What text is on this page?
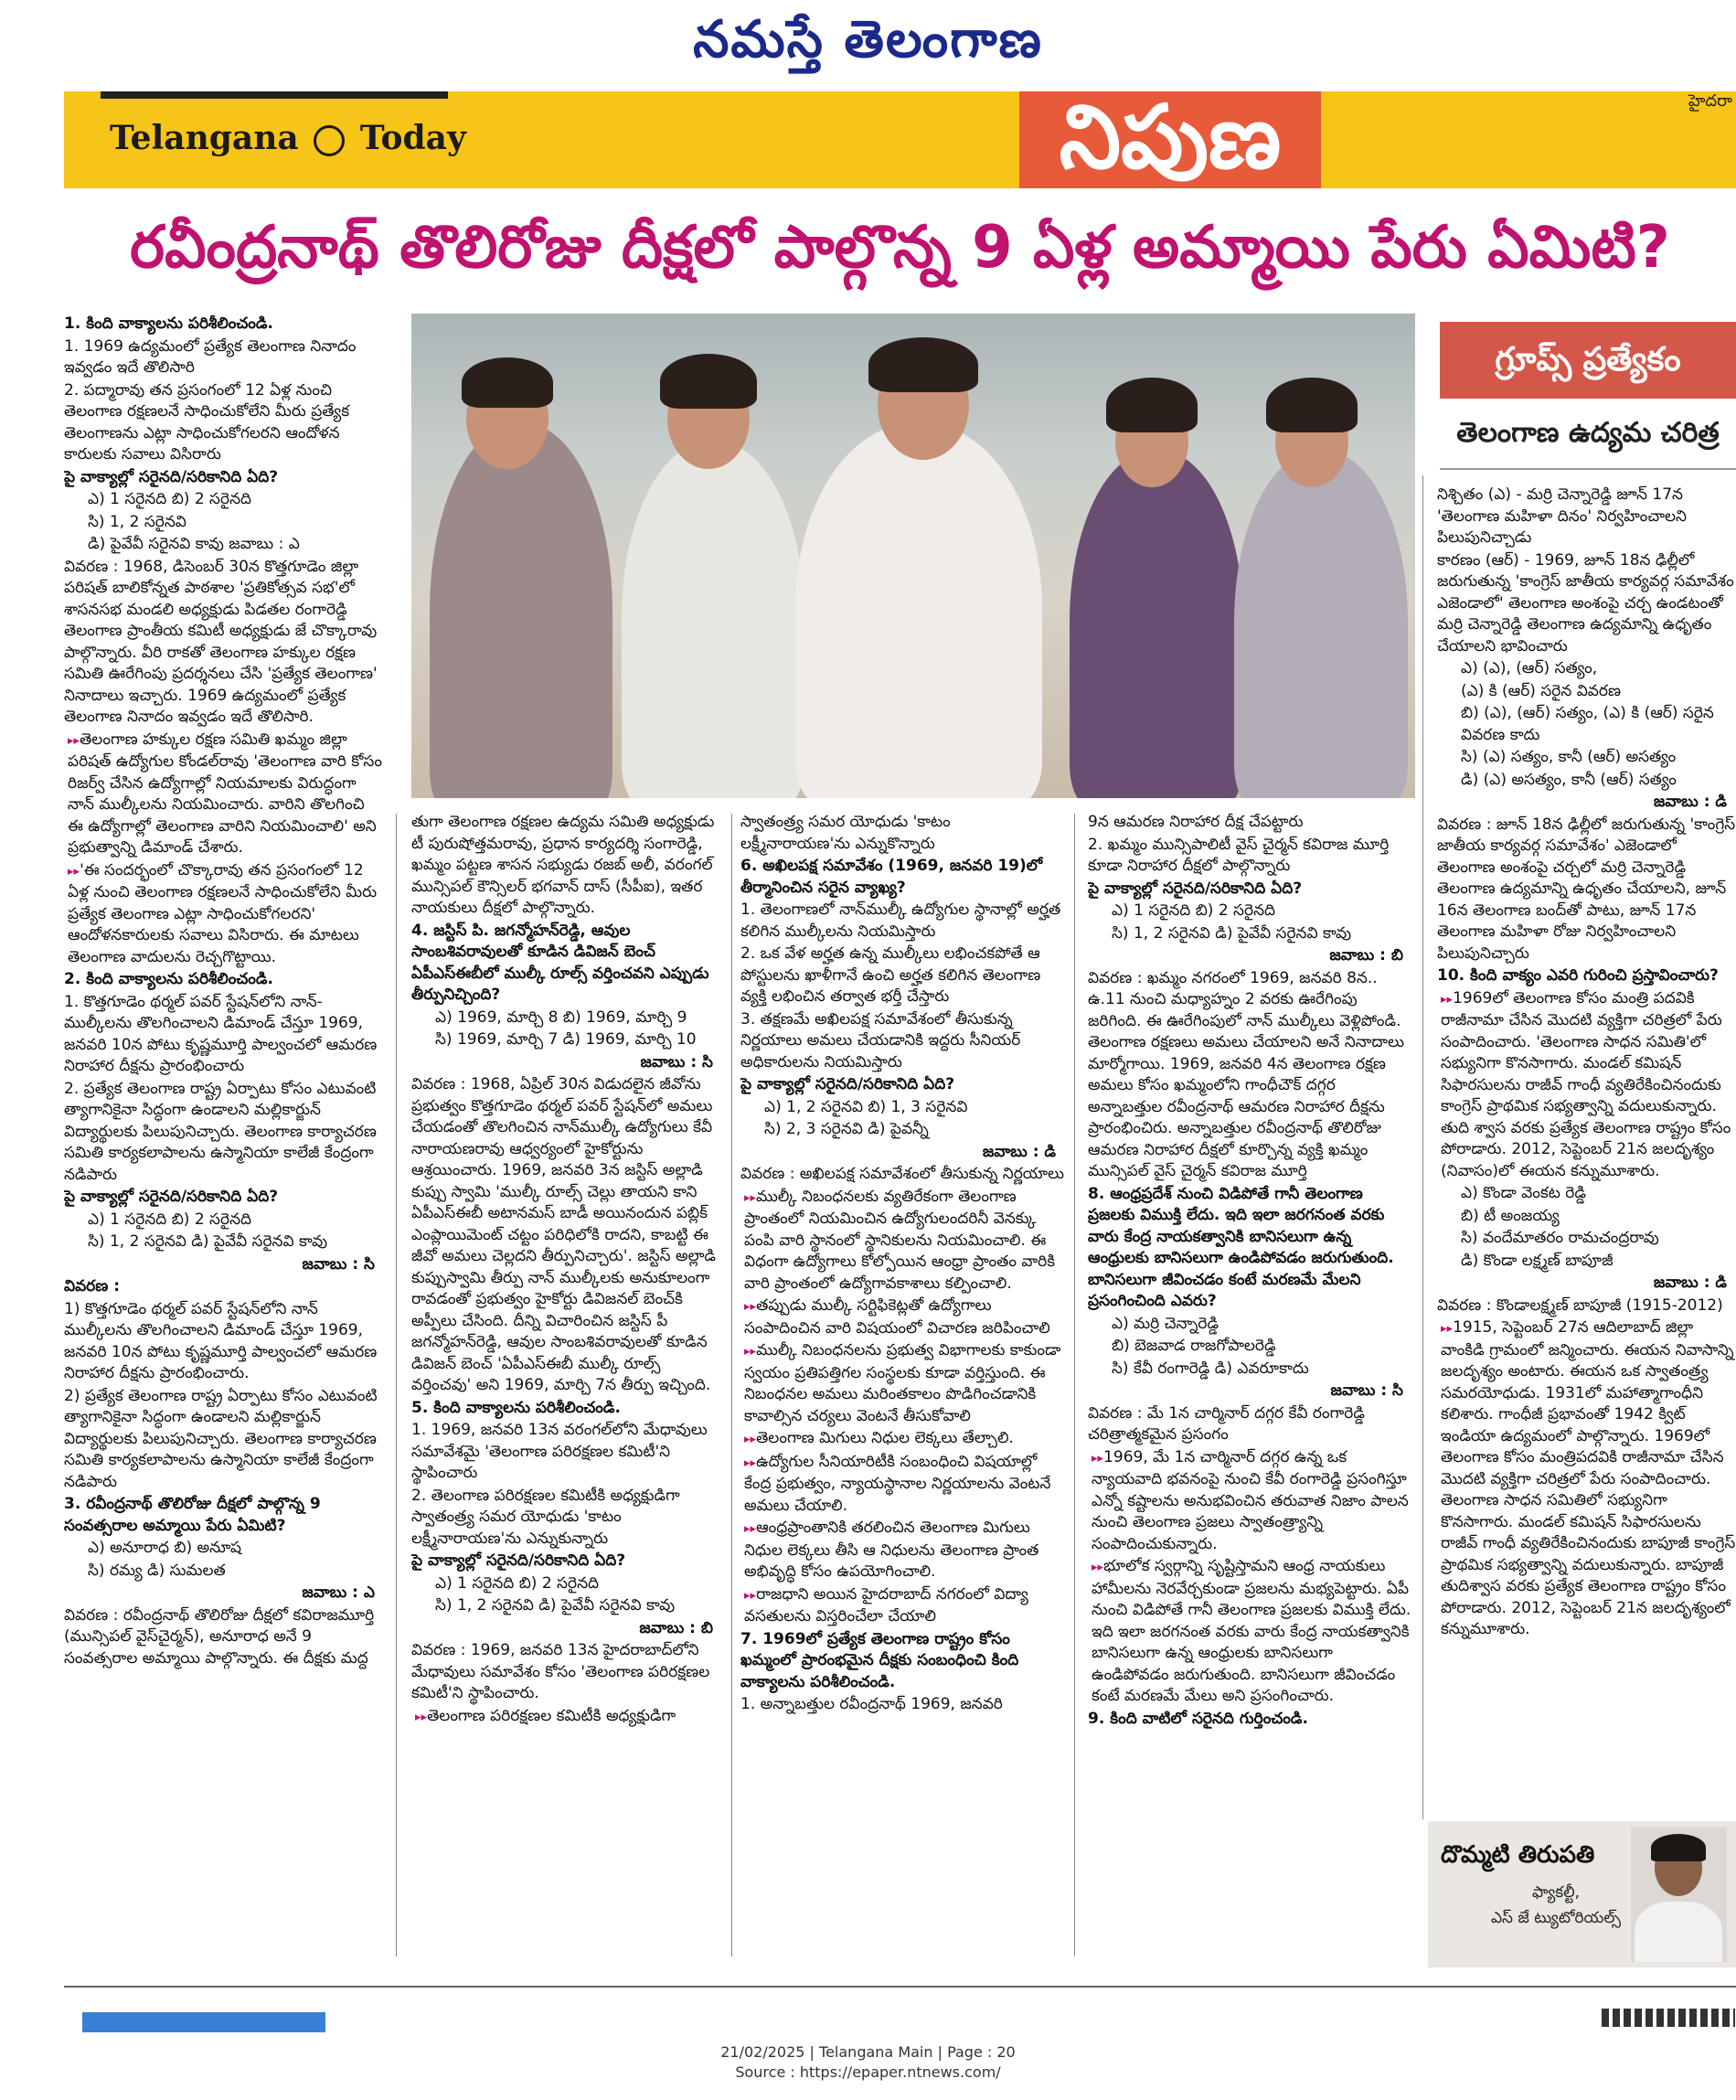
నమస్తే తెలంగాణ
Telangana Today	నిపుణ	హైదరా
రవీంద్రనాథ్ తొలిరోజు దీక్షలో పాల్గొన్న 9 ఏళ్ల అమ్మాయి పేరు ఏమిటి?

1. కింది వాక్యాలను పరిశీలించండి.

1. 1969 ఉద్యమంలో ప్రత్యేక తెలంగాణ నినాదం ఇవ్వడం ఇదే తొలిసారి

2. పద్మారావు తన ప్రసంగంలో 12 ఏళ్ల నుంచి తెలంగాణ రక్షణలనే సాధించుకోలేని మీరు ప్రత్యేక తెలంగాణను ఎట్లా సాధించుకోగలరని ఆందోళన కారులకు సవాలు విసిరారు

పై వాక్యాల్లో సరైనది/సరికానిది ఏది?

ఎ) 1 సరైనది బి) 2 సరైనది

సి) 1, 2 సరైనవి

డి) పైవేవీ సరైనవి కావు జవాబు : ఎ

వివరణ : 1968, డిసెంబర్ 30న కొత్తగూడెం జిల్లా పరిషత్ బాలికోన్నత పాఠశాల 'ప్రతికోత్సవ సభ'లో శాసనసభ మండలి అధ్యక్షుడు పిడతల రంగారెడ్డి తెలంగాణ ప్రాంతీయ కమిటీ అధ్యక్షుడు జే చొక్కారావు పాల్గొన్నారు. వీరి రాకతో తెలంగాణ హక్కుల రక్షణ సమితి ఊరేగింపు ప్రదర్శనలు చేసి 'ప్రత్యేక తెలంగాణ' నినాదాలు ఇచ్చారు. 1969 ఉద్యమంలో ప్రత్యేక తెలంగాణ నినాదం ఇవ్వడం ఇదే తొలిసారి.

▸▸ తెలంగాణ హక్కుల రక్షణ సమితి ఖమ్మం జిల్లా పరిషత్ ఉద్యోగుల కోండల్‌రావు 'తెలంగాణ వారి కోసం రిజర్వ్ చేసిన ఉద్యోగాల్లో నియమాలకు విరుద్ధంగా నాన్ ముల్కీలను నియమించారు. వారిని తొలగించి ఈ ఉద్యోగాల్లో తెలంగాణ వారిని నియమించాలి' అని ప్రభుత్వాన్ని డిమాండ్ చేశారు.

▸▸ 'ఈ సందర్భంలో చొక్కారావు తన ప్రసంగంలో 12 ఏళ్ల నుంచి తెలంగాణ రక్షణలనే సాధించుకోలేని మీరు ప్రత్యేక తెలంగాణ ఎట్లా సాధించుకోగలరని' ఆందోళనకారులకు సవాలు విసిరారు. ఈ మాటలు తెలంగాణ వాదులను రెచ్చగొట్టాయి.

2. కింది వాక్యాలను పరిశీలించండి.

1. కొత్తగూడెం థర్మల్ పవర్ స్టేషన్‌లోని నాన్-ముల్కీలను తొలగించాలని డిమాండ్ చేస్తూ 1969, జనవరి 10న పోటు కృష్ణమూర్తి పాల్వంచలో ఆమరణ నిరాహార దీక్షను ప్రారంభించారు

2. ప్రత్యేక తెలంగాణ రాష్ట్ర ఏర్పాటు కోసం ఎటువంటి త్యాగానికైనా సిద్ధంగా ఉండాలని మల్లికార్జున్ విద్యార్థులకు పిలుపునిచ్చారు. తెలంగాణ కార్యాచరణ సమితి కార్యకలాపాలను ఉస్మానియా కాలేజీ కేంద్రంగా నడిపారు

పై వాక్యాల్లో సరైనది/సరికానిది ఏది?

ఎ) 1 సరైనది బి) 2 సరైనది

సి) 1, 2 సరైనవి డి) పైవేవీ సరైనవి కావు

జవాబు : సి

వివరణ :

1) కొత్తగూడెం థర్మల్ పవర్ స్టేషన్‌లోని నాన్ ముల్కీలను తొలగించాలని డిమాండ్ చేస్తూ 1969, జనవరి 10న పోటు కృష్ణమూర్తి పాల్వంచలో ఆమరణ నిరాహార దీక్షను ప్రారంభించారు.

2) ప్రత్యేక తెలంగాణ రాష్ట్ర ఏర్పాటు కోసం ఎటువంటి త్యాగానికైనా సిద్ధంగా ఉండాలని మల్లికార్జున్ విద్యార్థులకు పిలుపునిచ్చారు. తెలంగాణ కార్యాచరణ సమితి కార్యకలాపాలను ఉస్మానియా కాలేజీ కేంద్రంగా నడిపారు

3. రవీంద్రనాథ్ తొలిరోజు దీక్షలో పాల్గొన్న 9 సంవత్సరాల అమ్మాయి పేరు ఏమిటి?

ఎ) అనూరాధ బి) అనూష

సి) రమ్య డి) సుమలత

జవాబు : ఎ

వివరణ : రవీంద్రనాథ్ తొలిరోజు దీక్షలో కవిరాజమూర్తి (మున్సిపల్ వైస్‌చైర్మన్), అనూరాధ అనే 9 సంవత్సరాల అమ్మాయి పాల్గొన్నారు. ఈ దీక్షకు మద్ద

తుగా తెలంగాణ రక్షణల ఉద్యమ సమితి అధ్యక్షుడు టీ పురుషోత్తమరావు, ప్రధాన కార్యదర్శి సంగారెడ్డి, ఖమ్మం పట్టణ శాసన సభ్యుడు రజబ్ అలీ, వరంగల్ మున్సిపల్ కౌన్సిలర్ భగవాన్ దాస్ (సీపీఐ), ఇతర నాయకులు దీక్షలో పాల్గొన్నారు.

4. జస్టిస్ పి. జగన్మోహన్‌రెడ్డి, ఆవుల సాంబశివరావులతో కూడిన డివిజన్ బెంచ్ ఏపీఎస్‌ఈబీలో ముల్కీ రూల్స్ వర్తించవని ఎప్పుడు తీర్పునిచ్చింది?

ఎ) 1969, మార్చి 8 బి) 1969, మార్చి 9

సి) 1969, మార్చి 7 డి) 1969, మార్చి 10

జవాబు : సి

వివరణ : 1968, ఏప్రిల్ 30న విడుదలైన జీవోను ప్రభుత్వం కొత్తగూడెం థర్మల్ పవర్ స్టేషన్‌లో అమలు చేయడంతో తొలగించిన నాన్‌ముల్కీ ఉద్యోగులు కేవీ నారాయణరావు ఆధ్వర్యంలో హైకోర్టును ఆశ్రయించారు. 1969, జనవరి 3న జస్టిస్ అల్లాడి కుప్పు స్వామి 'ముల్కీ రూల్స్ చెల్లు తాయని కాని ఏపీఎస్‌ఈబీ అటానమస్ బాడీ అయినందున పబ్లిక్ ఎంప్లాయిమెంట్ చట్టం పరిధిలోకి రాదని, కాబట్టి ఈ జీవో అమలు చెల్లదని తీర్పునిచ్చారు'. జస్టిస్ అల్లాడి కుప్పుస్వామి తీర్పు నాన్ ముల్కీలకు అనుకూలంగా రావడంతో ప్రభుత్వం హైకోర్టు డివిజనల్ బెంచ్‌కి అప్పీలు చేసింది. దీన్ని విచారించిన జస్టిస్ పీ జగన్మోహన్‌రెడ్డి, ఆవుల సాంబశివరావులతో కూడిన డివిజన్ బెంచ్ 'ఏపీఎస్‌ఈబీ ముల్కీ రూల్స్ వర్తించవు' అని 1969, మార్చి 7న తీర్పు ఇచ్చింది.

5. కింది వాక్యాలను పరిశీలించండి.

1. 1969, జనవరి 13న వరంగల్‌లోని మేధావులు సమావేశమై 'తెలంగాణ పరిరక్షణల కమిటీ'ని స్థాపించారు

2. తెలంగాణ పరిరక్షణల కమిటీకి అధ్యక్షుడిగా స్వాతంత్ర్య సమర యోధుడు 'కాటం లక్ష్మీనారాయణ'ను ఎన్నుకున్నారు

పై వాక్యాల్లో సరైనది/సరికానిది ఏది?

ఎ) 1 సరైనది బి) 2 సరైనది

సి) 1, 2 సరైనవి డి) పైవేవీ సరైనవి కావు

జవాబు : బి

వివరణ : 1969, జనవరి 13న హైదరాబాద్‌లోని మేధావులు సమావేశం కోసం 'తెలంగాణ పరిరక్షణల కమిటీ'ని స్థాపించారు.

▸▸ తెలంగాణ పరిరక్షణల కమిటీకి అధ్యక్షుడిగా

స్వాతంత్ర్య సమర యోధుడు 'కాటం లక్ష్మీనారాయణ'ను ఎన్నుకొన్నారు

6. అఖిలపక్ష సమావేశం (1969, జనవరి 19)లో తీర్మానించిన సరైన వ్యాఖ్య?

1. తెలంగాణలో నాన్‌ముల్కీ ఉద్యోగుల స్థానాల్లో అర్హత కలిగిన ముల్కీలను నియమిస్తారు

2. ఒక వేళ అర్హత ఉన్న ముల్కీలు లభించకపోతే ఆ పోస్టులను ఖాళీగానే ఉంచి అర్హత కలిగిన తెలంగాణ వ్యక్తి లభించిన తర్వాత భర్తీ చేస్తారు

3. తక్షణమే అఖిలపక్ష సమావేశంలో తీసుకున్న నిర్ణయాలు అమలు చేయడానికి ఇద్దరు సీనియర్ అధికారులను నియమిస్తారు

పై వాక్యాల్లో సరైనది/సరికానిది ఏది?

ఎ) 1, 2 సరైనవి బి) 1, 3 సరైనవి

సి) 2, 3 సరైనవి డి) పైవన్నీ

జవాబు : డి

వివరణ : అఖిలపక్ష సమావేశంలో తీసుకున్న నిర్ణయాలు

▸▸ ముల్కీ నిబంధనలకు వ్యతిరేకంగా తెలంగాణ ప్రాంతంలో నియమించిన ఉద్యోగులందరినీ వెనక్కు పంపి వారి స్థానంలో స్థానికులను నియమించాలి. ఈ విధంగా ఉద్యోగాలు కోల్పోయిన ఆంధ్రా ప్రాంతం వారికి వారి ప్రాంతంలో ఉద్యోగావకాశాలు కల్పించాలి.

▸▸ తప్పుడు ముల్కీ సర్టిఫికెట్లతో ఉద్యోగాలు సంపాదించిన వారి విషయంలో విచారణ జరిపించాలి

▸▸ ముల్కీ నిబంధనలను ప్రభుత్వ విభాగాలకు కాకుండా స్వయం ప్రతిపత్తిగల సంస్థలకు కూడా వర్తిస్తుంది. ఈ నిబంధనల అమలు మరింతకాలం పొడిగించడానికి కావాల్సిన చర్యలు వెంటనే తీసుకోవాలి

▸▸ తెలంగాణ మిగులు నిధుల లెక్కలు తేల్చాలి.

▸▸ ఉద్యోగుల సీనియారిటీకి సంబంధించి విషయాల్లో కేంద్ర ప్రభుత్వం, న్యాయస్థానాల నిర్ణయాలను వెంటనే అమలు చేయాలి.

▸▸ ఆంధ్రప్రాంతానికి తరలించిన తెలంగాణ మిగులు నిధుల లెక్కలు తీసి ఆ నిధులను తెలంగాణ ప్రాంత అభివృద్ధి కోసం ఉపయోగించాలి.

▸▸ రాజధాని అయిన హైదరాబాద్ నగరంలో విద్యా వసతులను విస్తరించేలా చేయాలి

7. 1969లో ప్రత్యేక తెలంగాణ రాష్ట్రం కోసం ఖమ్మంలో ప్రారంభమైన దీక్షకు సంబంధించి కింది వాక్యాలను పరిశీలించండి.

1. అన్నాబత్తుల రవీంద్రనాథ్ 1969, జనవరి

9న ఆమరణ నిరాహార దీక్ష చేపట్టారు

2. ఖమ్మం మున్సిపాలిటీ వైస్ చైర్మన్ కవిరాజ మూర్తి కూడా నిరాహార దీక్షలో పాల్గొన్నారు

పై వాక్యాల్లో సరైనది/సరికానిది ఏది?

ఎ) 1 సరైనది బి) 2 సరైనది

సి) 1, 2 సరైనవి డి) పైవేవీ సరైనవి కావు

జవాబు : బి

వివరణ : ఖమ్మం నగరంలో 1969, జనవరి 8న.. ఉ.11 నుంచి మధ్యాహ్నం 2 వరకు ఊరేగింపు జరిగింది. ఈ ఊరేగింపులో నాన్ ముల్కీలు వెళ్లిపోండి. తెలంగాణ రక్షణలు అమలు చేయాలని అనే నినాదాలు మార్మోగాయి. 1969, జనవరి 4న తెలంగాణ రక్షణ అమలు కోసం ఖమ్మంలోని గాంధీచౌక్ దగ్గర అన్నాబత్తుల రవీంద్రనాథ్ ఆమరణ నిరాహార దీక్షను ప్రారంభించిరు. అన్నాబత్తుల రవీంద్రనాథ్ తొలిరోజు ఆమరణ నిరాహార దీక్షలో కూర్చొన్న వ్యక్తి ఖమ్మం మున్సిపల్ వైస్ చైర్మన్ కవిరాజ మూర్తి

8. ఆంధ్రప్రదేశ్ నుంచి విడిపోతే గానీ తెలంగాణ ప్రజలకు విముక్తి లేదు. ఇది ఇలా జరగనంత వరకు వారు కేంద్ర నాయకత్వానికి బానిసలుగా ఉన్న ఆంధ్రులకు బానిసలుగా ఉండిపోవడం జరుగుతుంది. బానిసలుగా జీవించడం కంటే మరణమే మేలని ప్రసంగించింది ఎవరు?

ఎ) మర్రి చెన్నారెడ్డి

బి) బెజవాడ రాజగోపాలరెడ్డి

సి) కేవీ రంగారెడ్డి డి) ఎవరూకాదు

జవాబు : సి

వివరణ : మే 1న చార్మినార్ దగ్గర కేవీ రంగారెడ్డి చరిత్రాత్మకమైన ప్రసంగం

▸▸ 1969, మే 1న చార్మినార్ దగ్గర ఉన్న ఒక న్యాయవాది భవనంపై నుంచి కేవీ రంగారెడ్డి ప్రసంగిస్తూ ఎన్నో కష్టాలను అనుభవించిన తరువాత నిజాం పాలన నుంచి తెలంగాణ ప్రజలు స్వాతంత్ర్యాన్ని సంపాదించుకున్నారు.

▸▸ భూలోక స్వర్గాన్ని సృష్టిస్తామని ఆంధ్ర నాయకులు హామీలను నెరవేర్చకుండా ప్రజలను మభ్యపెట్టారు. ఏపీ నుంచి విడిపోతే గానీ తెలంగాణ ప్రజలకు విముక్తి లేదు. ఇది ఇలా జరగనంత వరకు వారు కేంద్ర నాయకత్వానికి బానిసలుగా ఉన్న ఆంధ్రులకు బానిసలుగా ఉండిపోవడం జరుగుతుంది. బానిసలుగా జీవించడం కంటే మరణమే మేలు అని ప్రసంగించారు.

9. కింది వాటిలో సరైనది గుర్తించండి.

గ్రూప్స్ ప్రత్యేకం
తెలంగాణ ఉద్యమ చరిత్ర

నిశ్చితం (ఎ) - మర్రి చెన్నారెడ్డి జూన్ 17న 'తెలంగాణ మహిళా దినం' నిర్వహించాలని పిలుపునిచ్చాడు

కారణం (ఆర్) - 1969, జూన్ 18న ఢిల్లీలో జరుగుతున్న 'కాంగ్రెస్ జాతీయ కార్యవర్గ సమావేశం ఎజెండాలో' తెలంగాణ అంశంపై చర్చ ఉండటంతో మర్రి చెన్నారెడ్డి తెలంగాణ ఉద్యమాన్ని ఉధృతం చేయాలని భావించారు

ఎ) (ఎ), (ఆర్) సత్యం,

(ఎ) కి (ఆర్) సరైన వివరణ

బి) (ఎ), (ఆర్) సత్యం, (ఎ) కి (ఆర్) సరైన వివరణ కాదు

సి) (ఎ) సత్యం, కానీ (ఆర్) అసత్యం

డి) (ఎ) అసత్యం, కానీ (ఆర్) సత్యం

జవాబు : డి

వివరణ : జూన్ 18న ఢిల్లీలో జరుగుతున్న 'కాంగ్రెస్ జాతీయ కార్యవర్గ సమావేశం' ఎజెండాలో తెలంగాణ అంశంపై చర్చలో మర్రి చెన్నారెడ్డి తెలంగాణ ఉద్యమాన్ని ఉధృతం చేయాలని, జూన్ 16న తెలంగాణ బంద్‌తో పాటు, జూన్ 17న తెలంగాణ మహిళా రోజు నిర్వహించాలని పిలుపునిచ్చారు

10. కింది వాక్యం ఎవరి గురించి ప్రస్తావించారు?

▸▸ 1969లో తెలంగాణ కోసం మంత్రి పదవికి రాజీనామా చేసిన మొదటి వ్యక్తిగా చరిత్రలో పేరు సంపాదించారు. 'తెలంగాణ సాధన సమితి'లో సభ్యునిగా కొనసాగారు. మండల్ కమిషన్ సిఫారసులను రాజీవ్ గాంధీ వ్యతిరేకించినందుకు కాంగ్రెస్ ప్రాథమిక సభ్యత్వాన్ని వదులుకున్నారు. తుది శ్వాస వరకు ప్రత్యేక తెలంగాణ రాష్ట్రం కోసం పోరాడారు. 2012, సెప్టెంబర్ 21న జలదృశ్యం (నివాసం)లో ఈయన కన్నుమూశారు.

ఎ) కొండా వెంకట రెడ్డి

బి) టీ అంజయ్య

సి) వందేమాతరం రామచంద్రరావు

డి) కొండా లక్ష్మణ్ బాపూజీ

జవాబు : డి

వివరణ : కొండాలక్ష్మణ్ బాపూజీ (1915-2012)

▸▸ 1915, సెప్టెంబర్ 27న ఆదిలాబాద్ జిల్లా వాంకిడి గ్రామంలో జన్మించారు. ఈయన నివాసాన్ని జలదృశ్యం అంటారు. ఈయన ఒక స్వాతంత్ర్య సమరయోధుడు. 1931లో మహాత్మాగాంధీని కలిశారు. గాంధీజీ ప్రభావంతో 1942 క్విట్ ఇండియా ఉద్యమంలో పాల్గొన్నారు. 1969లో తెలంగాణ కోసం మంత్రిపదవికి రాజీనామా చేసిన మొదటి వ్యక్తిగా చరిత్రలో పేరు సంపాదించారు. తెలంగాణ సాధన సమితిలో సభ్యునిగా కొనసాగారు. మండల్ కమిషన్ సిఫారసులను రాజీవ్ గాంధీ వ్యతిరేకించినందుకు బాపూజీ కాంగ్రెస్ ప్రాథమిక సభ్యత్వాన్ని వదులుకున్నారు. బాపూజీ తుదిశ్వాస వరకు ప్రత్యేక తెలంగాణ రాష్ట్రం కోసం పోరాడారు. 2012, సెప్టెంబర్ 21న జలదృశ్యంలో కన్నుమూశారు.

దొమ్మటి తిరుపతి
ఫ్యాకల్టీ,
ఎస్ జే ట్యుటోరియల్స్
21/02/2025 | Telangana Main | Page : 20
Source : https://epaper.ntnews.com/
